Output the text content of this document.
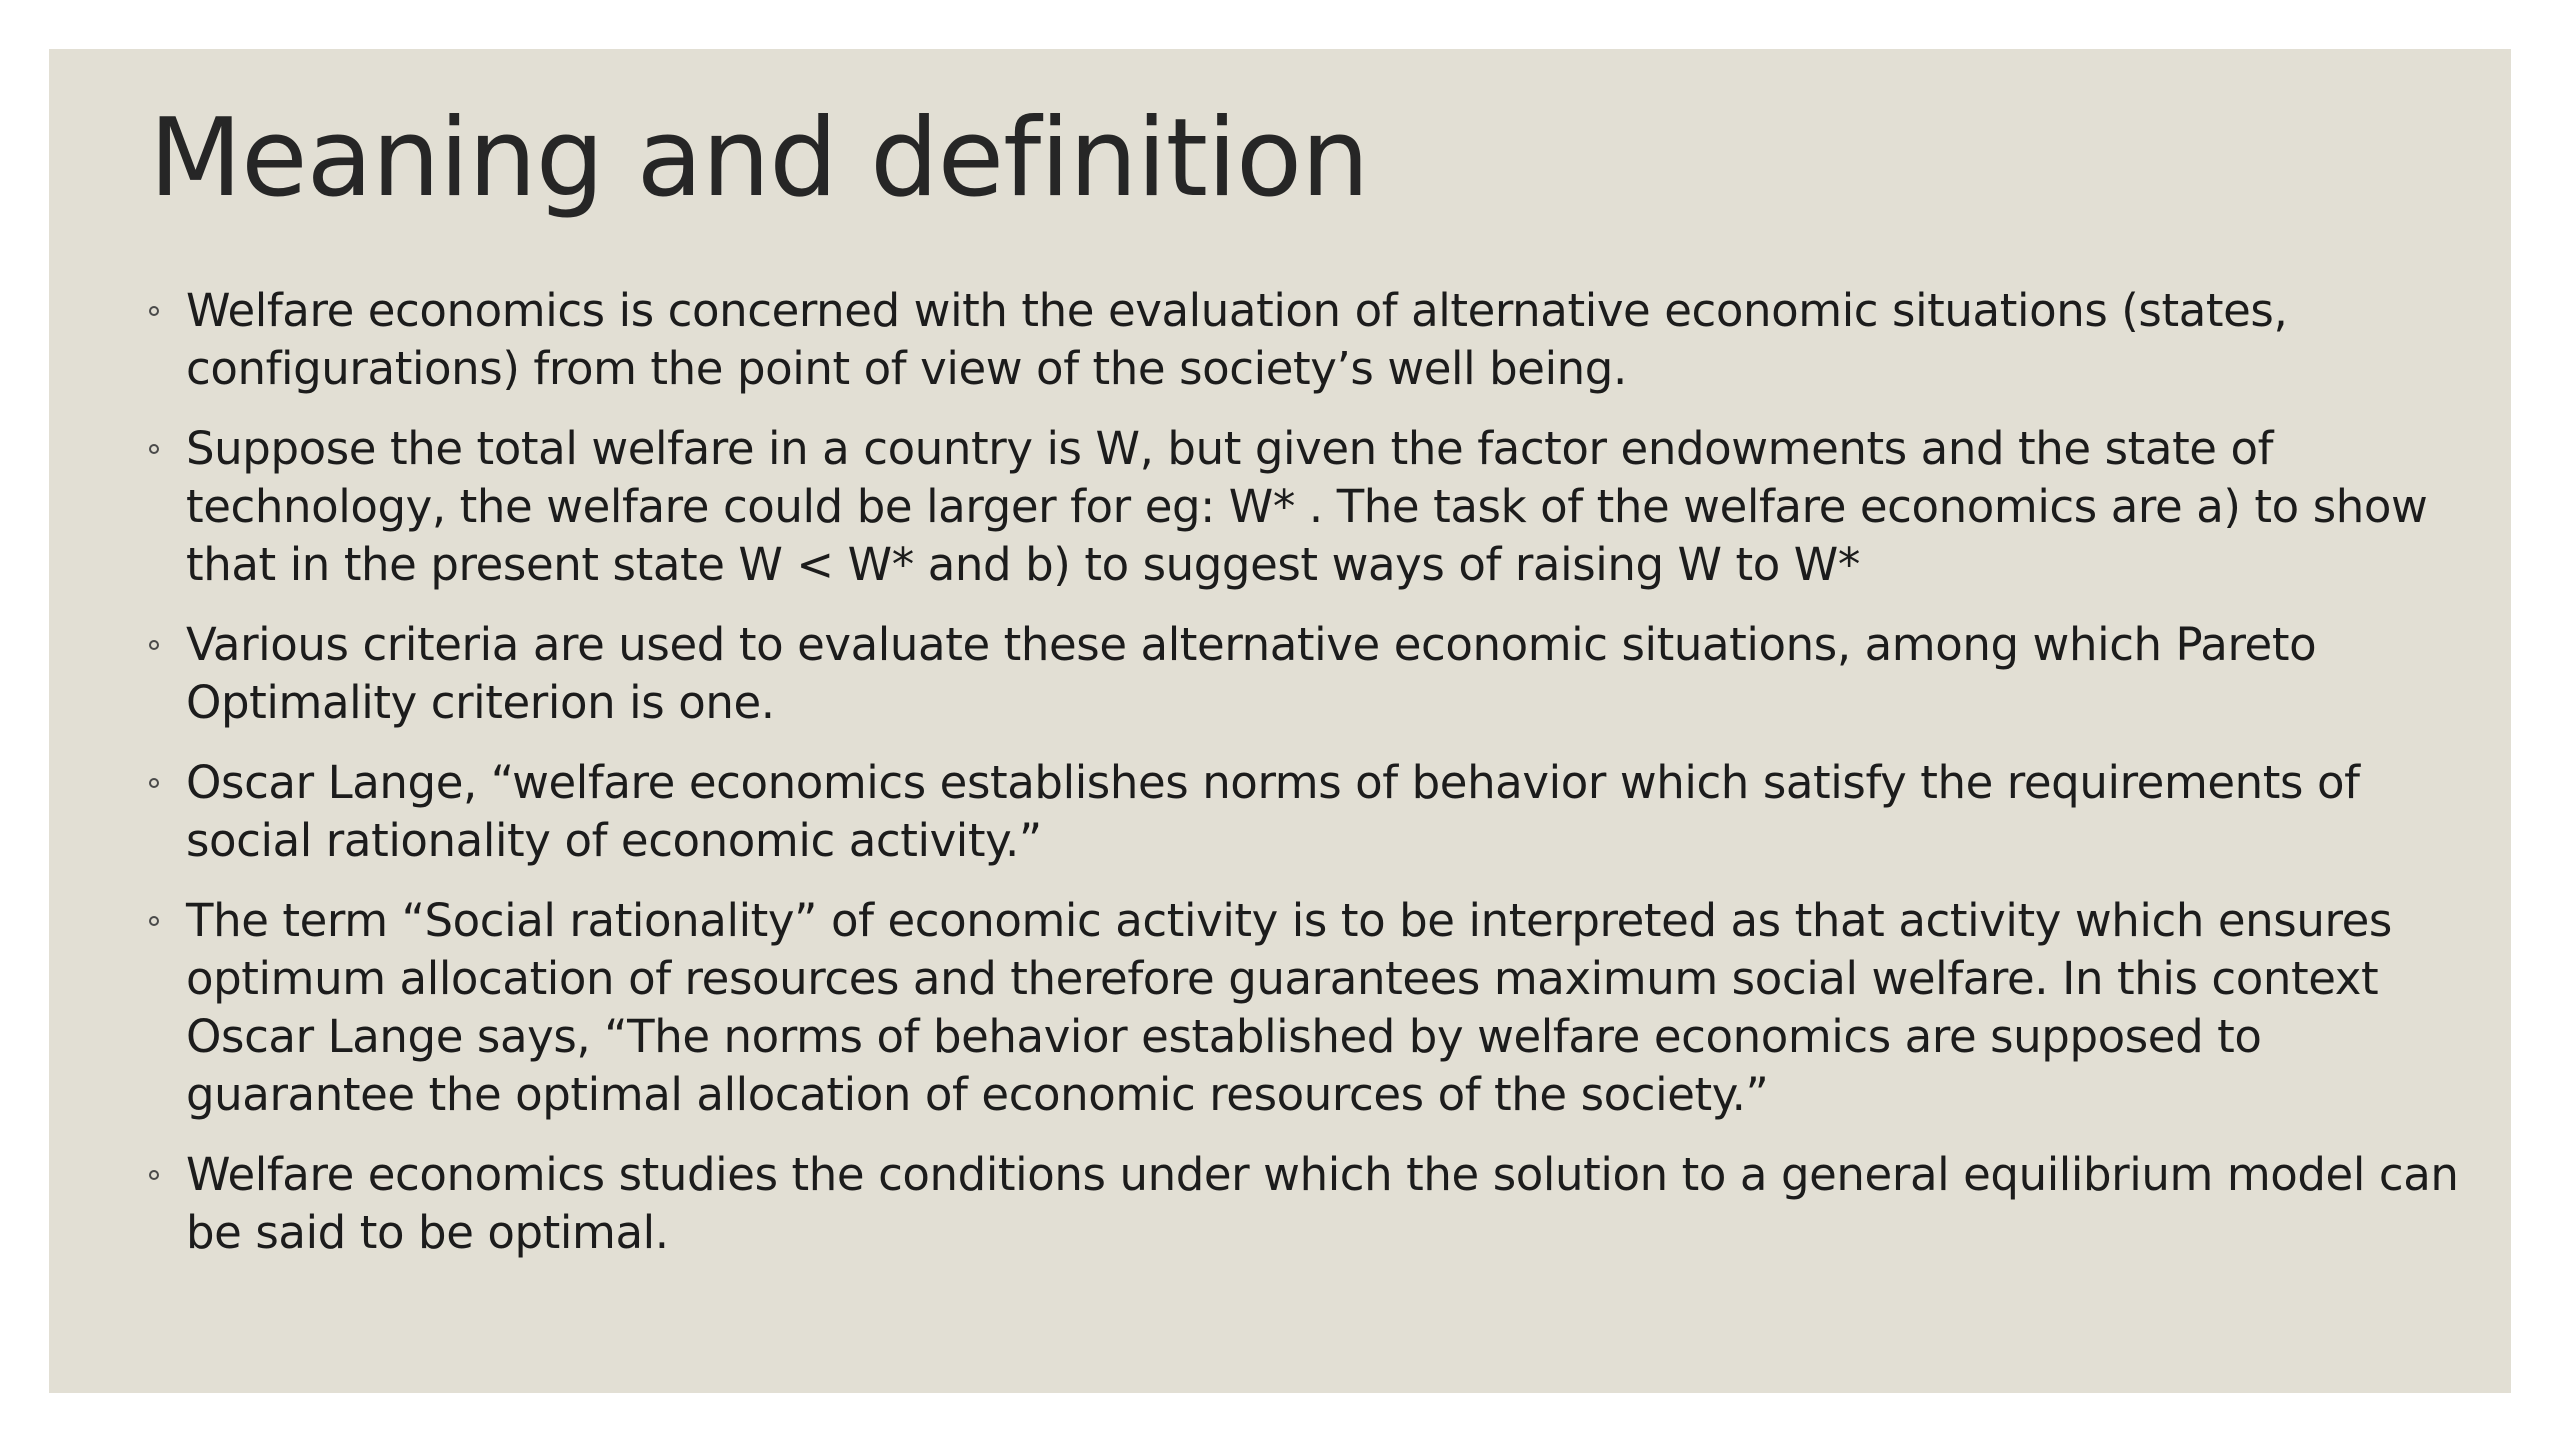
Meaning and definition
Welfare economics is concerned with the evaluation of alternative economic situations (states, configurations) from the point of view of the society’s well being.
Suppose the total welfare in a country is W, but given the factor endowments and the state of technology, the welfare could be larger for eg: W* . The task of the welfare economics are a) to show that in the present state W < W* and b) to suggest ways of raising W to W*
Various criteria are used to evaluate these alternative economic situations, among which Pareto Optimality criterion is one.
Oscar Lange, “welfare economics establishes norms of behavior which satisfy the requirements of social rationality of economic activity.”
The term “Social rationality” of economic activity is to be interpreted as that activity which ensures optimum allocation of resources and therefore guarantees maximum social welfare. In this context Oscar Lange says, “The norms of behavior established by welfare economics are supposed to guarantee the optimal allocation of economic resources of the society.”
Welfare economics studies the conditions under which the solution to a general equilibrium model can be said to be optimal.
